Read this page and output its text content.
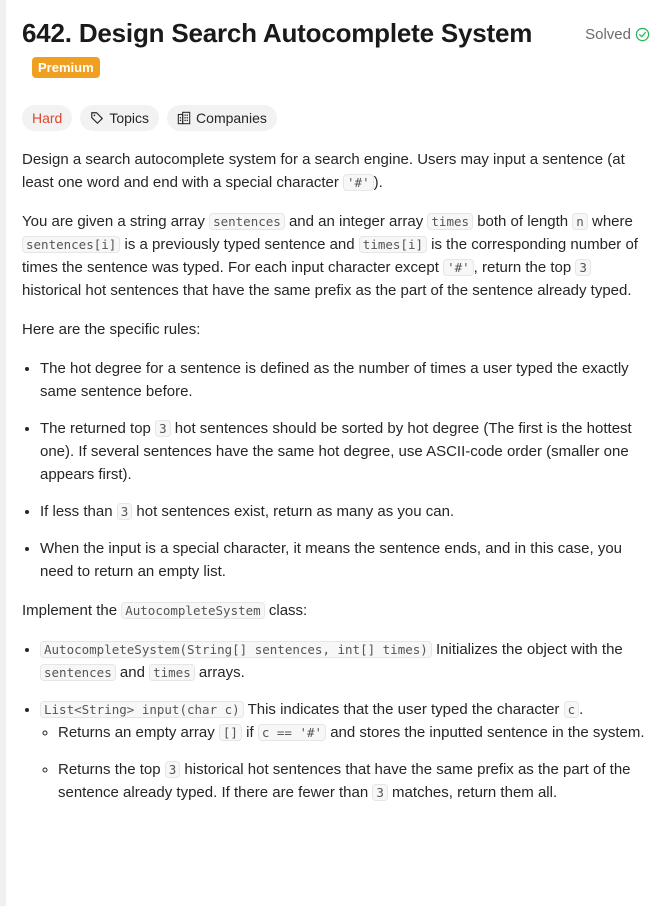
642. Design Search Autocomplete System	Solved
Premium
Hard	Topics	Companies

Design a search autocomplete system for a search engine. Users may input a sentence (at least one word and end with a special character '#' ).

You are given a string array sentences and an integer array times both of length n where sentences[i] is a previously typed sentence and times[i] is the corresponding number of times the sentence was typed. For each input character except '#' , return the top 3 historical hot sentences that have the same prefix as the part of the sentence already typed.

Here are the specific rules:

• The hot degree for a sentence is defined as the number of times a user typed the exactly same sentence before.
• The returned top 3 hot sentences should be sorted by hot degree (The first is the hottest one). If several sentences have the same hot degree, use ASCII-code order (smaller one appears first).
• If less than 3 hot sentences exist, return as many as you can.
• When the input is a special character, it means the sentence ends, and in this case, you need to return an empty list.

Implement the AutocompleteSystem class:

• AutocompleteSystem(String[] sentences, int[] times) Initializes the object with the sentences and times arrays.
• List<String> input(char c) This indicates that the user typed the character c .
◦ Returns an empty array [] if c == '#' and stores the inputted sentence in the system.
◦ Returns the top 3 historical hot sentences that have the same prefix as the part of the sentence already typed. If there are fewer than 3 matches, return them all.
